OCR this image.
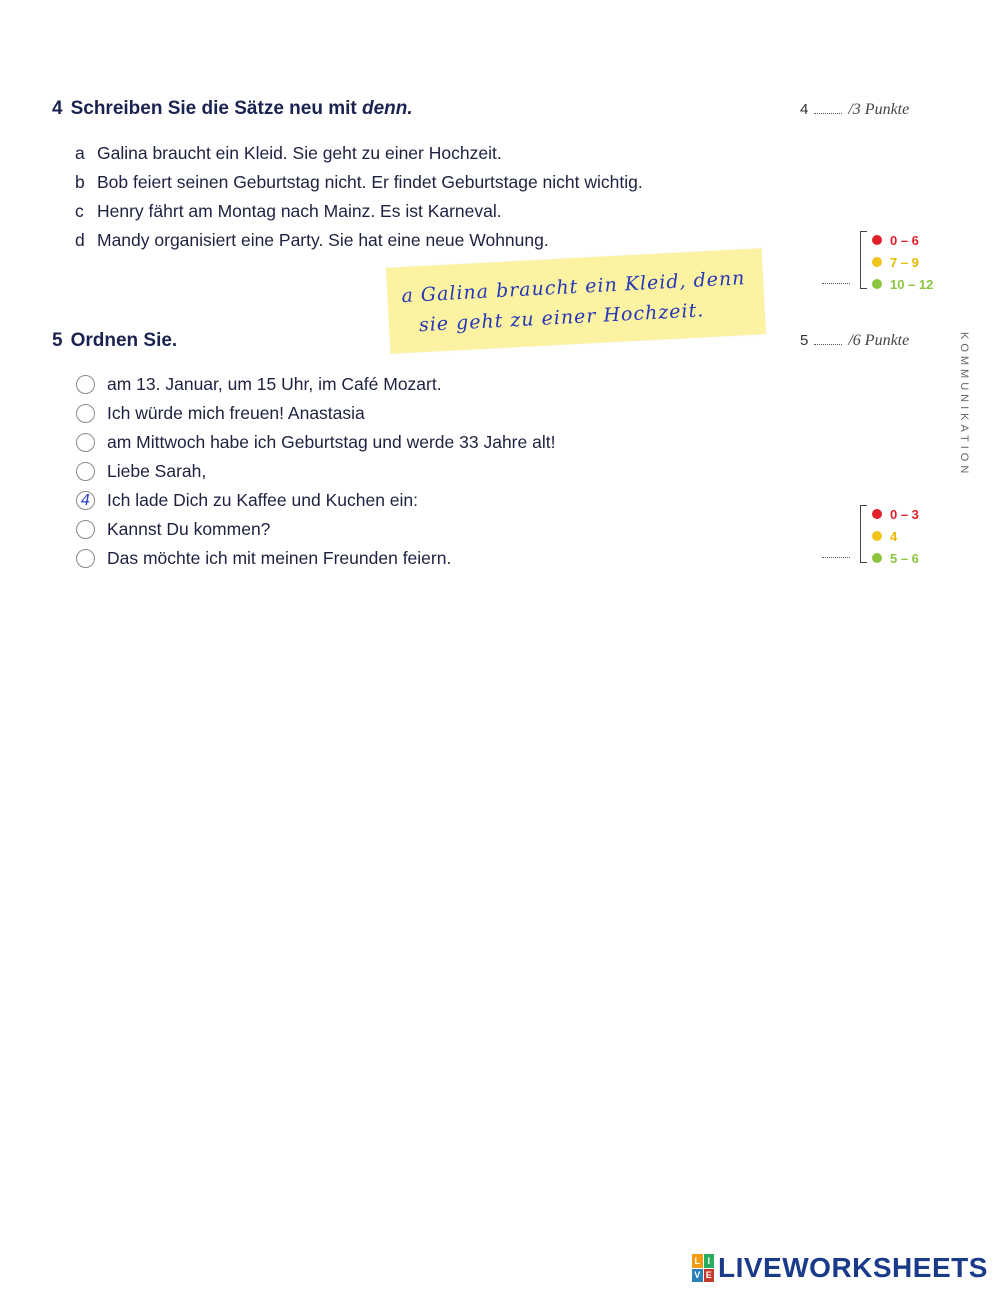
4 Schreiben Sie die Sätze neu mit denn.	4	/3 Punkte
a Galina braucht ein Kleid. Sie geht zu einer Hochzeit.
b Bob feiert seinen Geburtstag nicht. Er findet Geburtstage nicht wichtig.
c Henry fährt am Montag nach Mainz. Es ist Karneval.
d Mandy organisiert eine Party. Sie hat eine neue Wohnung.
a Galina braucht ein Kleid, denn
sie geht zu einer Hochzeit.
0 – 6
7 – 9
10 – 12
5 Ordnen Sie.	5	/6 Punkte	KOMMUNIKATION
am 13. Januar, um 15 Uhr, im Café Mozart.
Ich würde mich freuen! Anastasia
am Mittwoch habe ich Geburtstag und werde 33 Jahre alt!
Liebe Sarah,
4 Ich lade Dich zu Kaffee und Kuchen ein:
Kannst Du kommen?
Das möchte ich mit meinen Freunden feiern.
0 – 3
4
5 – 6
L I
V E LIVEWORKSHEETS
